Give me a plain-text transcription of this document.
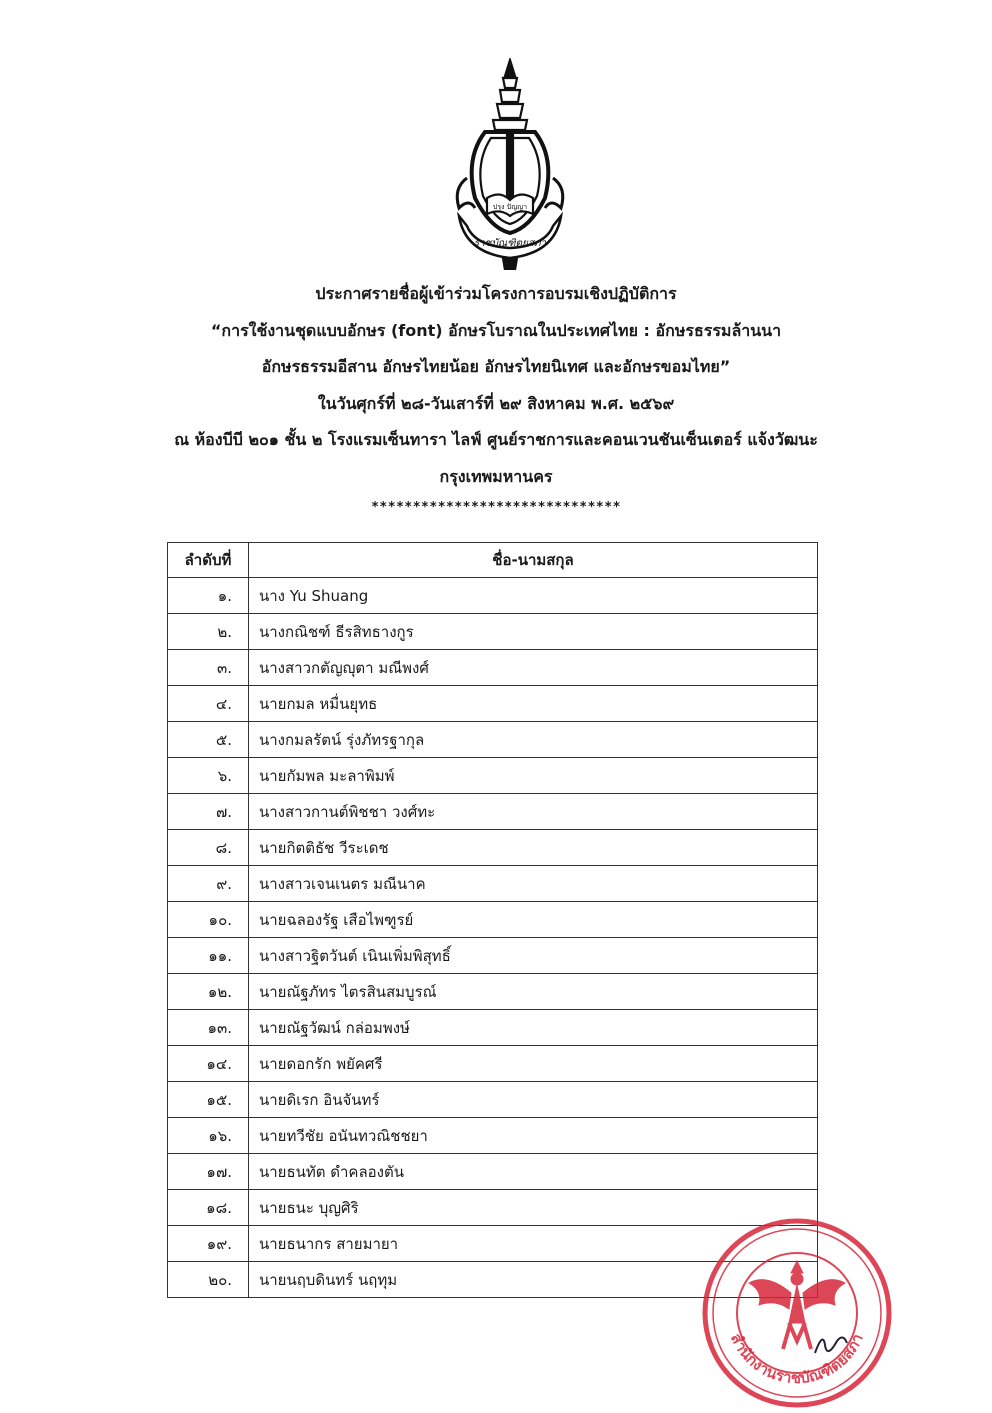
ปรุง ปัญญา
ราชบัณฑิตยสภา
ประกาศรายชื่อผู้เข้าร่วมโครงการอบรมเชิงปฏิบัติการ
“การใช้งานชุดแบบอักษร (font) อักษรโบราณในประเทศไทย : อักษรธรรมล้านนา
อักษรธรรมอีสาน อักษรไทยน้อย อักษรไทยนิเทศ และอักษรขอมไทย”
ในวันศุกร์ที่ ๒๘-วันเสาร์ที่ ๒๙ สิงหาคม พ.ศ. ๒๕๖๙
ณ ห้องบีบี ๒๐๑ ชั้น ๒ โรงแรมเซ็นทารา ไลฟ์ ศูนย์ราชการและคอนเวนชันเซ็นเตอร์ แจ้งวัฒนะ
กรุงเทพมหานคร
******************************
ลำดับที่	ชื่อ-นามสกุล
๑.	นาง Yu Shuang
๒.	นางกณิชฑ์ ธีรสิทธางกูร
๓.	นางสาวกตัญญุตา มณีพงศ์
๔.	นายกมล หมื่นยุทธ
๕.	นางกมลรัตน์ รุ่งภัทรฐากุล
๖.	นายกัมพล มะลาพิมพ์
๗.	นางสาวกานต์พิชชา วงศ์ทะ
๘.	นายกิตติธัช วีระเดช
๙.	นางสาวเจนเนตร มณีนาค
๑๐.	นายฉลองรัฐ เสือไพฑูรย์
๑๑.	นางสาวฐิตวันต์ เนินเพิ่มพิสุทธิ์
๑๒.	นายณัฐภัทร ไตรสินสมบูรณ์
๑๓.	นายณัฐวัฒน์ กล่อมพงษ์
๑๔.	นายดอกรัก พยัคศรี
๑๕.	นายดิเรก อินจันทร์
๑๖.	นายทวีชัย อนันทวณิชชยา
๑๗.	นายธนทัต ดำคลองตัน
๑๘.	นายธนะ บุญศิริ
๑๙.	นายธนากร สายมายา
๒๐.	นายนฤบดินทร์ นฤทุม
สำนักงานราชบัณฑิตยสภา
